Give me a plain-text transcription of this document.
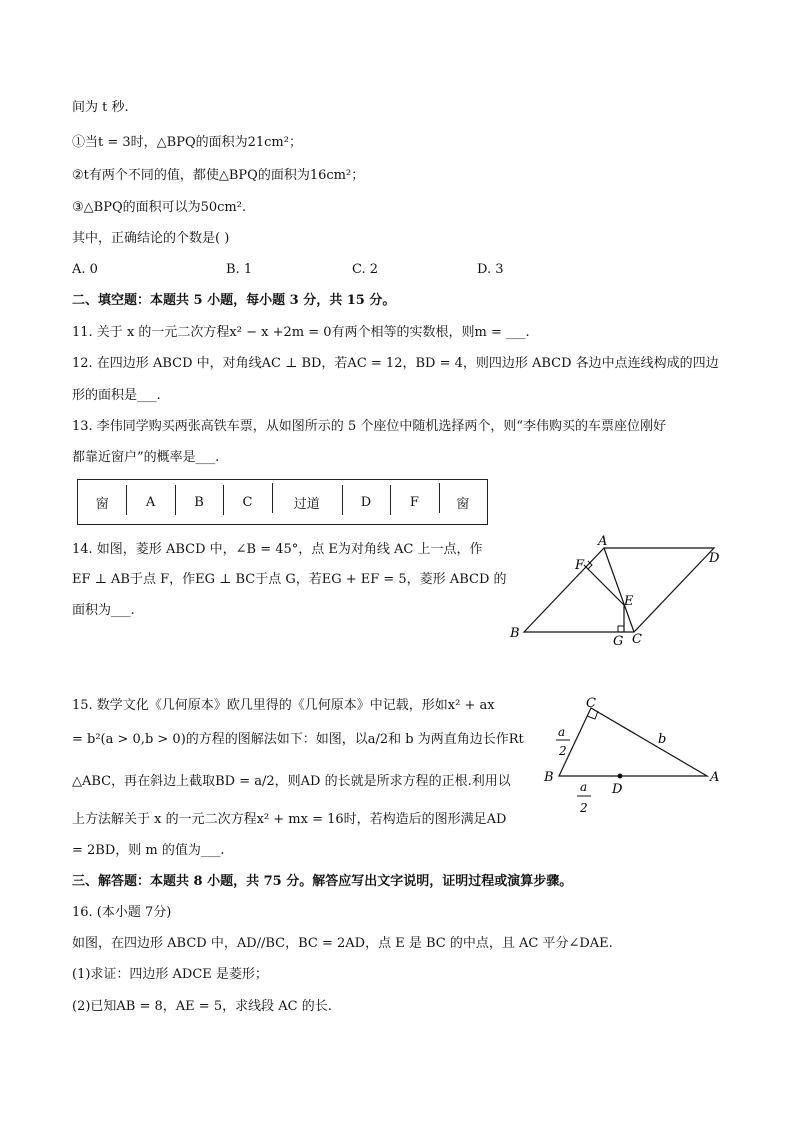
间为 t 秒.
①当t = 3时，△BPQ的面积为21cm²；
②t有两个不同的值，都使△BPQ的面积为16cm²；
③△BPQ的面积可以为50cm².
其中，正确结论的个数是( )
A. 0	B. 1	C. 2	D. 3
二、填空题：本题共 5 小题，每小题 3 分，共 15 分。
11. 关于 x 的一元二次方程x² − x +2m = 0有两个相等的实数根，则m = ___.
12. 在四边形 ABCD 中，对角线AC ⊥ BD，若AC = 12，BD = 4，则四边形 ABCD 各边中点连线构成的四边
形的面积是___.
13. 李伟同学购买两张高铁车票，从如图所示的 5 个座位中随机选择两个，则“李伟购买的车票座位刚好
都靠近窗户”的概率是___.
窗	A	B	C	过道	D	F	窗
14. 如图，菱形 ABCD 中，∠B = 45°，点 E为对角线 AC 上一点，作
EF ⊥ AB于点 F，作EG ⊥ BC于点 G，若EG + EF = 5，菱形 ABCD 的
面积为___.
A
D
F
E
B
G C
15. 数学文化《几何原本》欧几里得的《几何原本》中记载，形如x² + ax
= b²(a > 0,b > 0)的方程的图解法如下：如图，以a/2和 b 为两直角边长作Rt
△ABC，再在斜边上截取BD = a/2，则AD 的长就是所求方程的正根.利用以
上方法解关于 x 的一元二次方程x² + mx = 16时，若构造后的图形满足AD
= 2BD，则 m 的值为___.
C
B	A
D
b
a
2
a
2
三、解答题：本题共 8 小题，共 75 分。解答应写出文字说明，证明过程或演算步骤。
16. (本小题 7分)
如图，在四边形 ABCD 中，AD//BC，BC = 2AD，点 E 是 BC 的中点，且 AC 平分∠DAE.
(1)求证：四边形 ADCE 是菱形；
(2)已知AB = 8，AE = 5，求线段 AC 的长.
